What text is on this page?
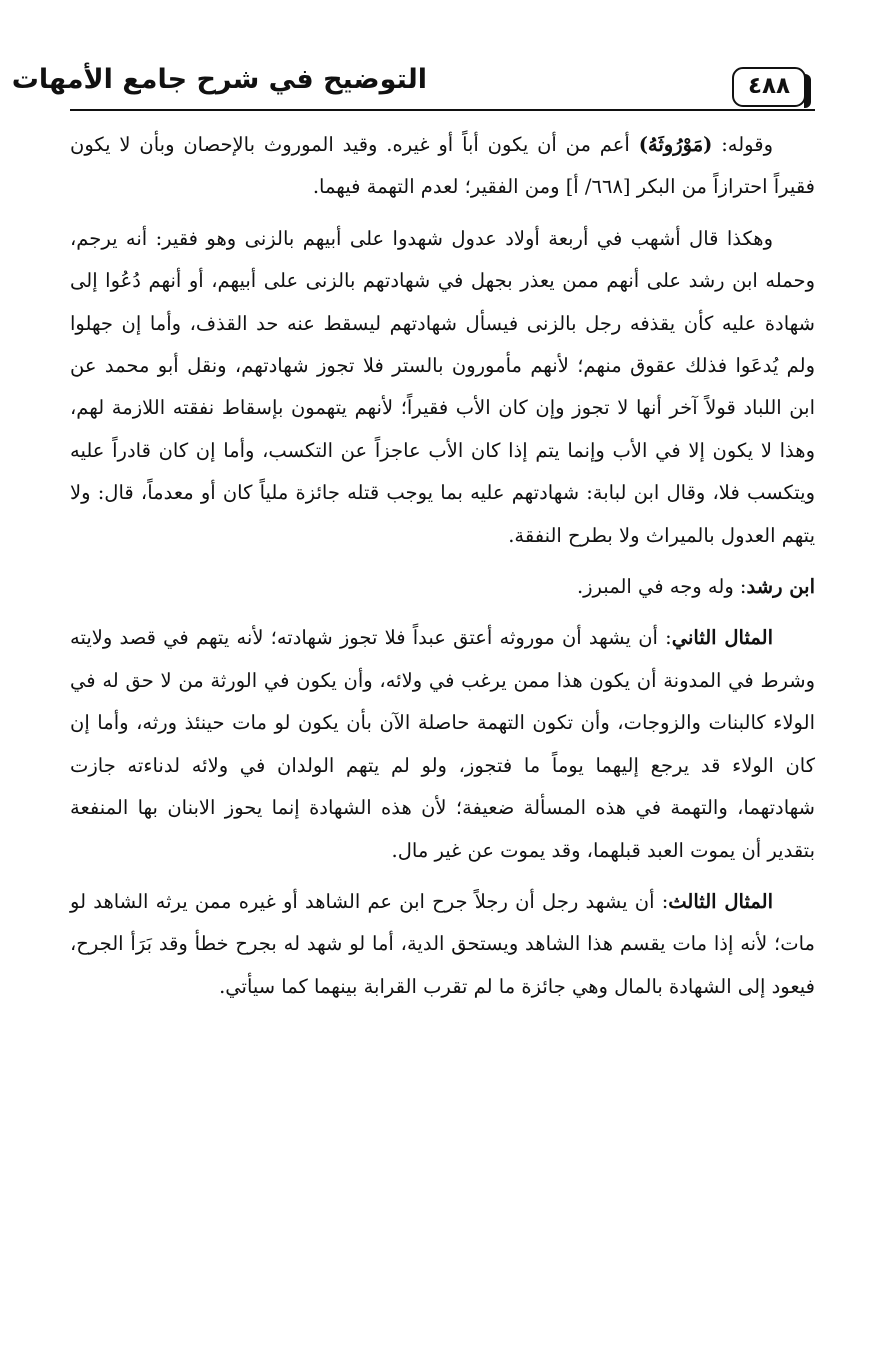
التوضيح في شرح جامع الأمهات	٤٨٨

وقوله: (مَوْرُوثَهُ) أعم من أن يكون أباً أو غيره. وقيد الموروث بالإحصان وبأن لا يكون فقيراً احترازاً من البكر [٦٦٨/ أ] ومن الفقير؛ لعدم التهمة فيهما.

وهكذا قال أشهب في أربعة أولاد عدول شهدوا على أبيهم بالزنى وهو فقير: أنه يرجم، وحمله ابن رشد على أنهم ممن يعذر بجهل في شهادتهم بالزنى على أبيهم، أو أنهم دُعُوا إلى شهادة عليه كأن يقذفه رجل بالزنى فيسأل شهادتهم ليسقط عنه حد القذف، وأما إن جهلوا ولم يُدعَوا فذلك عقوق منهم؛ لأنهم مأمورون بالستر فلا تجوز شهادتهم، ونقل أبو محمد عن ابن اللباد قولاً آخر أنها لا تجوز وإن كان الأب فقيراً؛ لأنهم يتهمون بإسقاط نفقته اللازمة لهم، وهذا لا يكون إلا في الأب وإنما يتم إذا كان الأب عاجزاً عن التكسب، وأما إن كان قادراً عليه ويتكسب فلا، وقال ابن لبابة: شهادتهم عليه بما يوجب قتله جائزة ملياً كان أو معدماً، قال: ولا يتهم العدول بالميراث ولا بطرح النفقة.

ابن رشد: وله وجه في المبرز.

المثال الثاني: أن يشهد أن موروثه أعتق عبداً فلا تجوز شهادته؛ لأنه يتهم في قصد ولايته وشرط في المدونة أن يكون هذا ممن يرغب في ولائه، وأن يكون في الورثة من لا حق له في الولاء كالبنات والزوجات، وأن تكون التهمة حاصلة الآن بأن يكون لو مات حينئذ ورثه، وأما إن كان الولاء قد يرجع إليهما يوماً ما فتجوز، ولو لم يتهم الولدان في ولائه لدناءته جازت شهادتهما، والتهمة في هذه المسألة ضعيفة؛ لأن هذه الشهادة إنما يحوز الابنان بها المنفعة بتقدير أن يموت العبد قبلهما، وقد يموت عن غير مال.

المثال الثالث: أن يشهد رجل أن رجلاً جرح ابن عم الشاهد أو غيره ممن يرثه الشاهد لو مات؛ لأنه إذا مات يقسم هذا الشاهد ويستحق الدية، أما لو شهد له بجرح خطأ وقد بَرَأ الجرح، فيعود إلى الشهادة بالمال وهي جائزة ما لم تقرب القرابة بينهما كما سيأتي.
